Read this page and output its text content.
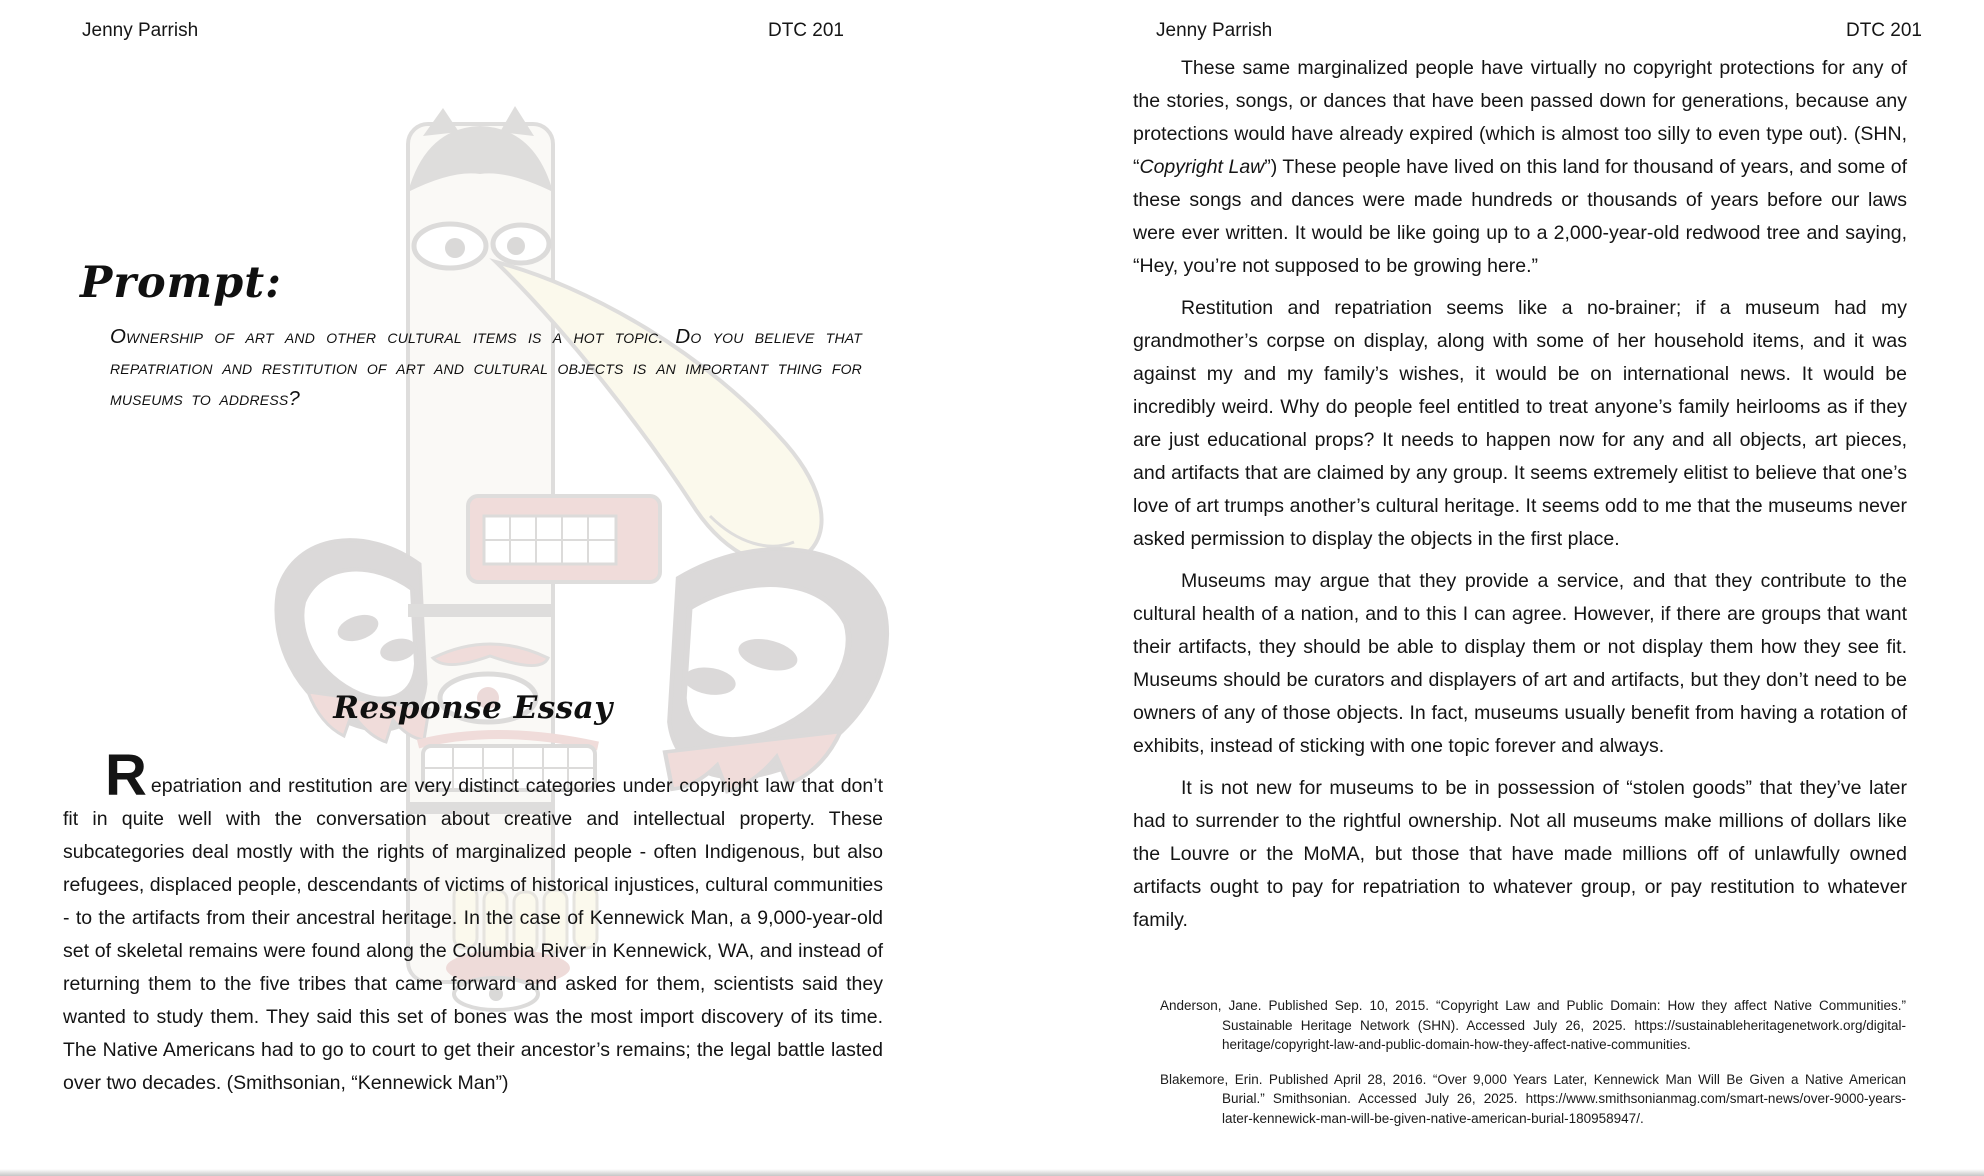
Jenny Parrish	DTC 201
Prompt:

Ownership of art and other cultural items is a hot topic. Do you believe that repatriation and restitution of art and cultural objects is an important thing for museums to address?

Response Essay

Repatriation and restitution are very distinct categories under copyright law that don’t fit in quite well with the conversation about creative and intellectual property. These subcategories deal mostly with the rights of marginalized people - often Indigenous, but also refugees, displaced people, descendants of victims of historical injustices, cultural communities - to the artifacts from their ancestral heritage. In the case of Kennewick Man, a 9,000-year-old set of skeletal remains were found along the Columbia River in Kennewick, WA, and instead of returning them to the five tribes that came forward and asked for them, scientists said they wanted to study them. They said this set of bones was the most import discovery of its time. The Native Americans had to go to court to get their ancestor’s remains; the legal battle lasted over two decades. (Smithsonian, “Kennewick Man”)

Jenny Parrish	DTC 201

These same marginalized people have virtually no copyright protections for any of the stories, songs, or dances that have been passed down for generations, because any protections would have already expired (which is almost too silly to even type out). (SHN, “Copyright Law”) These people have lived on this land for thousand of years, and some of these songs and dances were made hundreds or thousands of years before our laws were ever written. It would be like going up to a 2,000-year-old redwood tree and saying, “Hey, you’re not supposed to be growing here.”

Restitution and repatriation seems like a no-brainer; if a museum had my grandmother’s corpse on display, along with some of her household items, and it was against my and my family’s wishes, it would be on international news. It would be incredibly weird. Why do people feel entitled to treat anyone’s family heirlooms as if they are just educational props? It needs to happen now for any and all objects, art pieces, and artifacts that are claimed by any group. It seems extremely elitist to believe that one’s love of art trumps another’s cultural heritage. It seems odd to me that the museums never asked permission to display the objects in the first place.

Museums may argue that they provide a service, and that they contribute to the cultural health of a nation, and to this I can agree. However, if there are groups that want their artifacts, they should be able to display them or not display them how they see fit. Museums should be curators and displayers of art and artifacts, but they don’t need to be owners of any of those objects. In fact, museums usually benefit from having a rotation of exhibits, instead of sticking with one topic forever and always.

It is not new for museums to be in possession of “stolen goods” that they’ve later had to surrender to the rightful ownership. Not all museums make millions of dollars like the Louvre or the MoMA, but those that have made millions off of unlawfully owned artifacts ought to pay for repatriation to whatever group, or pay restitution to whatever family.

Anderson, Jane. Published Sep. 10, 2015. “Copyright Law and Public Domain: How they affect Native Communities.” Sustainable Heritage Network (SHN). Accessed July 26, 2025. https://sustainableheritagenetwork.org/digital-heritage/copyright-law-and-public-domain-how-they-affect-native-communities.

Blakemore, Erin. Published April 28, 2016. “Over 9,000 Years Later, Kennewick Man Will Be Given a Native American Burial.” Smithsonian. Accessed July 26, 2025. https://www.smithsonianmag.com/smart-news/over-9000-years-later-kennewick-man-will-be-given-native-american-burial-180958947/.
